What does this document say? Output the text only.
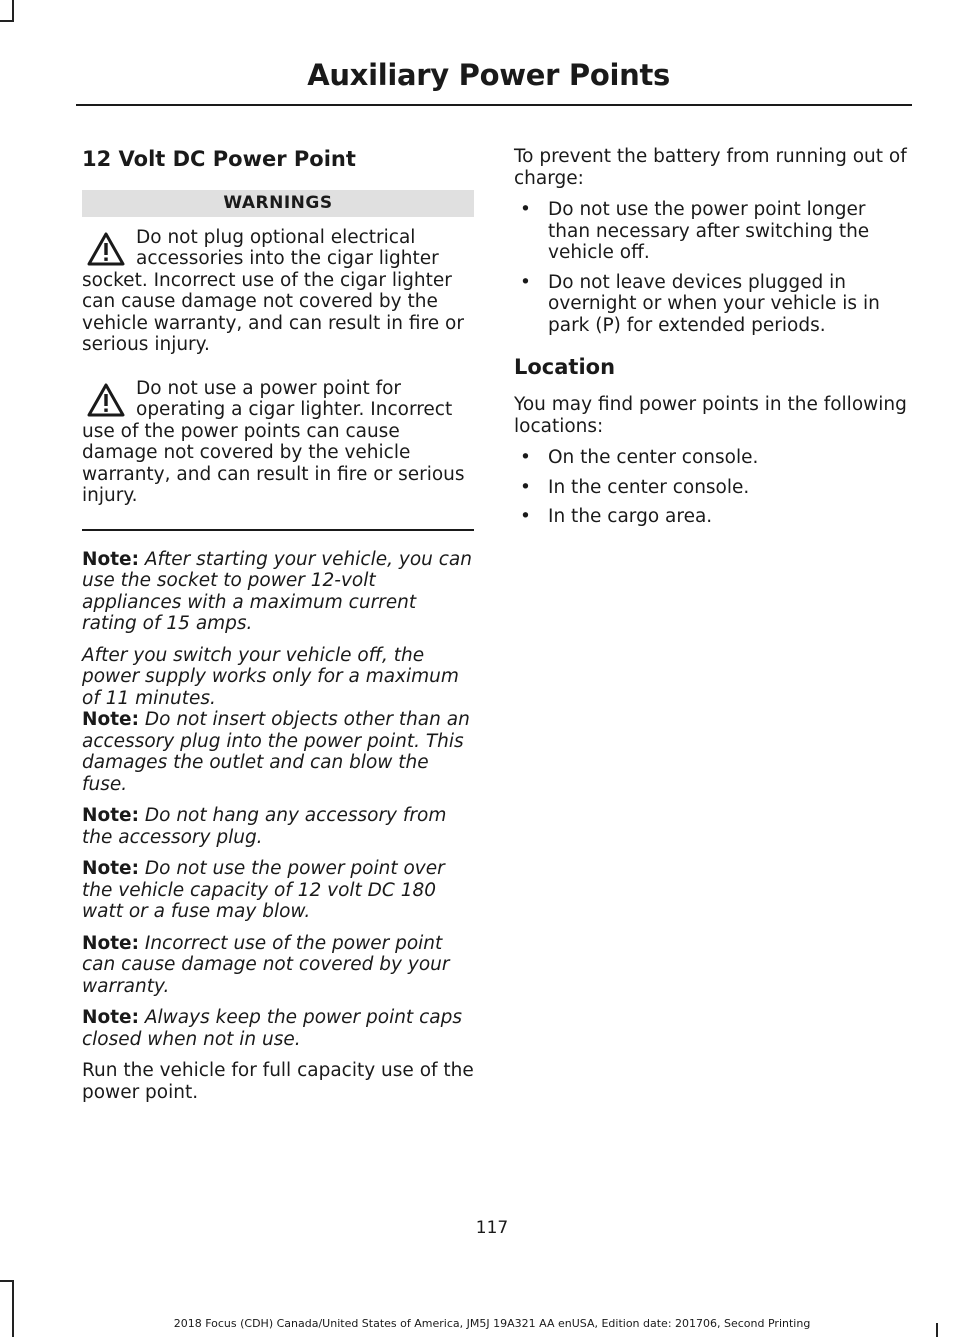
Auxiliary Power Points
12 Volt DC Power Point
WARNINGS
Do not plug optional electrical accessories into the cigar lighter socket. Incorrect use of the cigar lighter can cause damage not covered by the vehicle warranty, and can result in fire or serious injury.
Do not use a power point for operating a cigar lighter. Incorrect use of the power points can cause damage not covered by the vehicle warranty, and can result in fire or serious injury.

Note: After starting your vehicle, you can use the socket to power 12-volt appliances with a maximum current rating of 15 amps.

After you switch your vehicle off, the power supply works only for a maximum of 11 minutes.

Note: Do not insert objects other than an accessory plug into the power point. This damages the outlet and can blow the fuse.

Note: Do not hang any accessory from the accessory plug.

Note: Do not use the power point over the vehicle capacity of 12 volt DC 180 watt or a fuse may blow.

Note: Incorrect use of the power point can cause damage not covered by your warranty.

Note: Always keep the power point caps closed when not in use.

Run the vehicle for full capacity use of the power point.

To prevent the battery from running out of charge:

• Do not use the power point longer than necessary after switching the vehicle off.
• Do not leave devices plugged in overnight or when your vehicle is in park (P) for extended periods.
Location

You may find power points in the following locations:

• On the center console.
• In the center console.
• In the cargo area.
117
2018 Focus (CDH) Canada/United States of America, JM5J 19A321 AA enUSA, Edition date: 201706, Second Printing
